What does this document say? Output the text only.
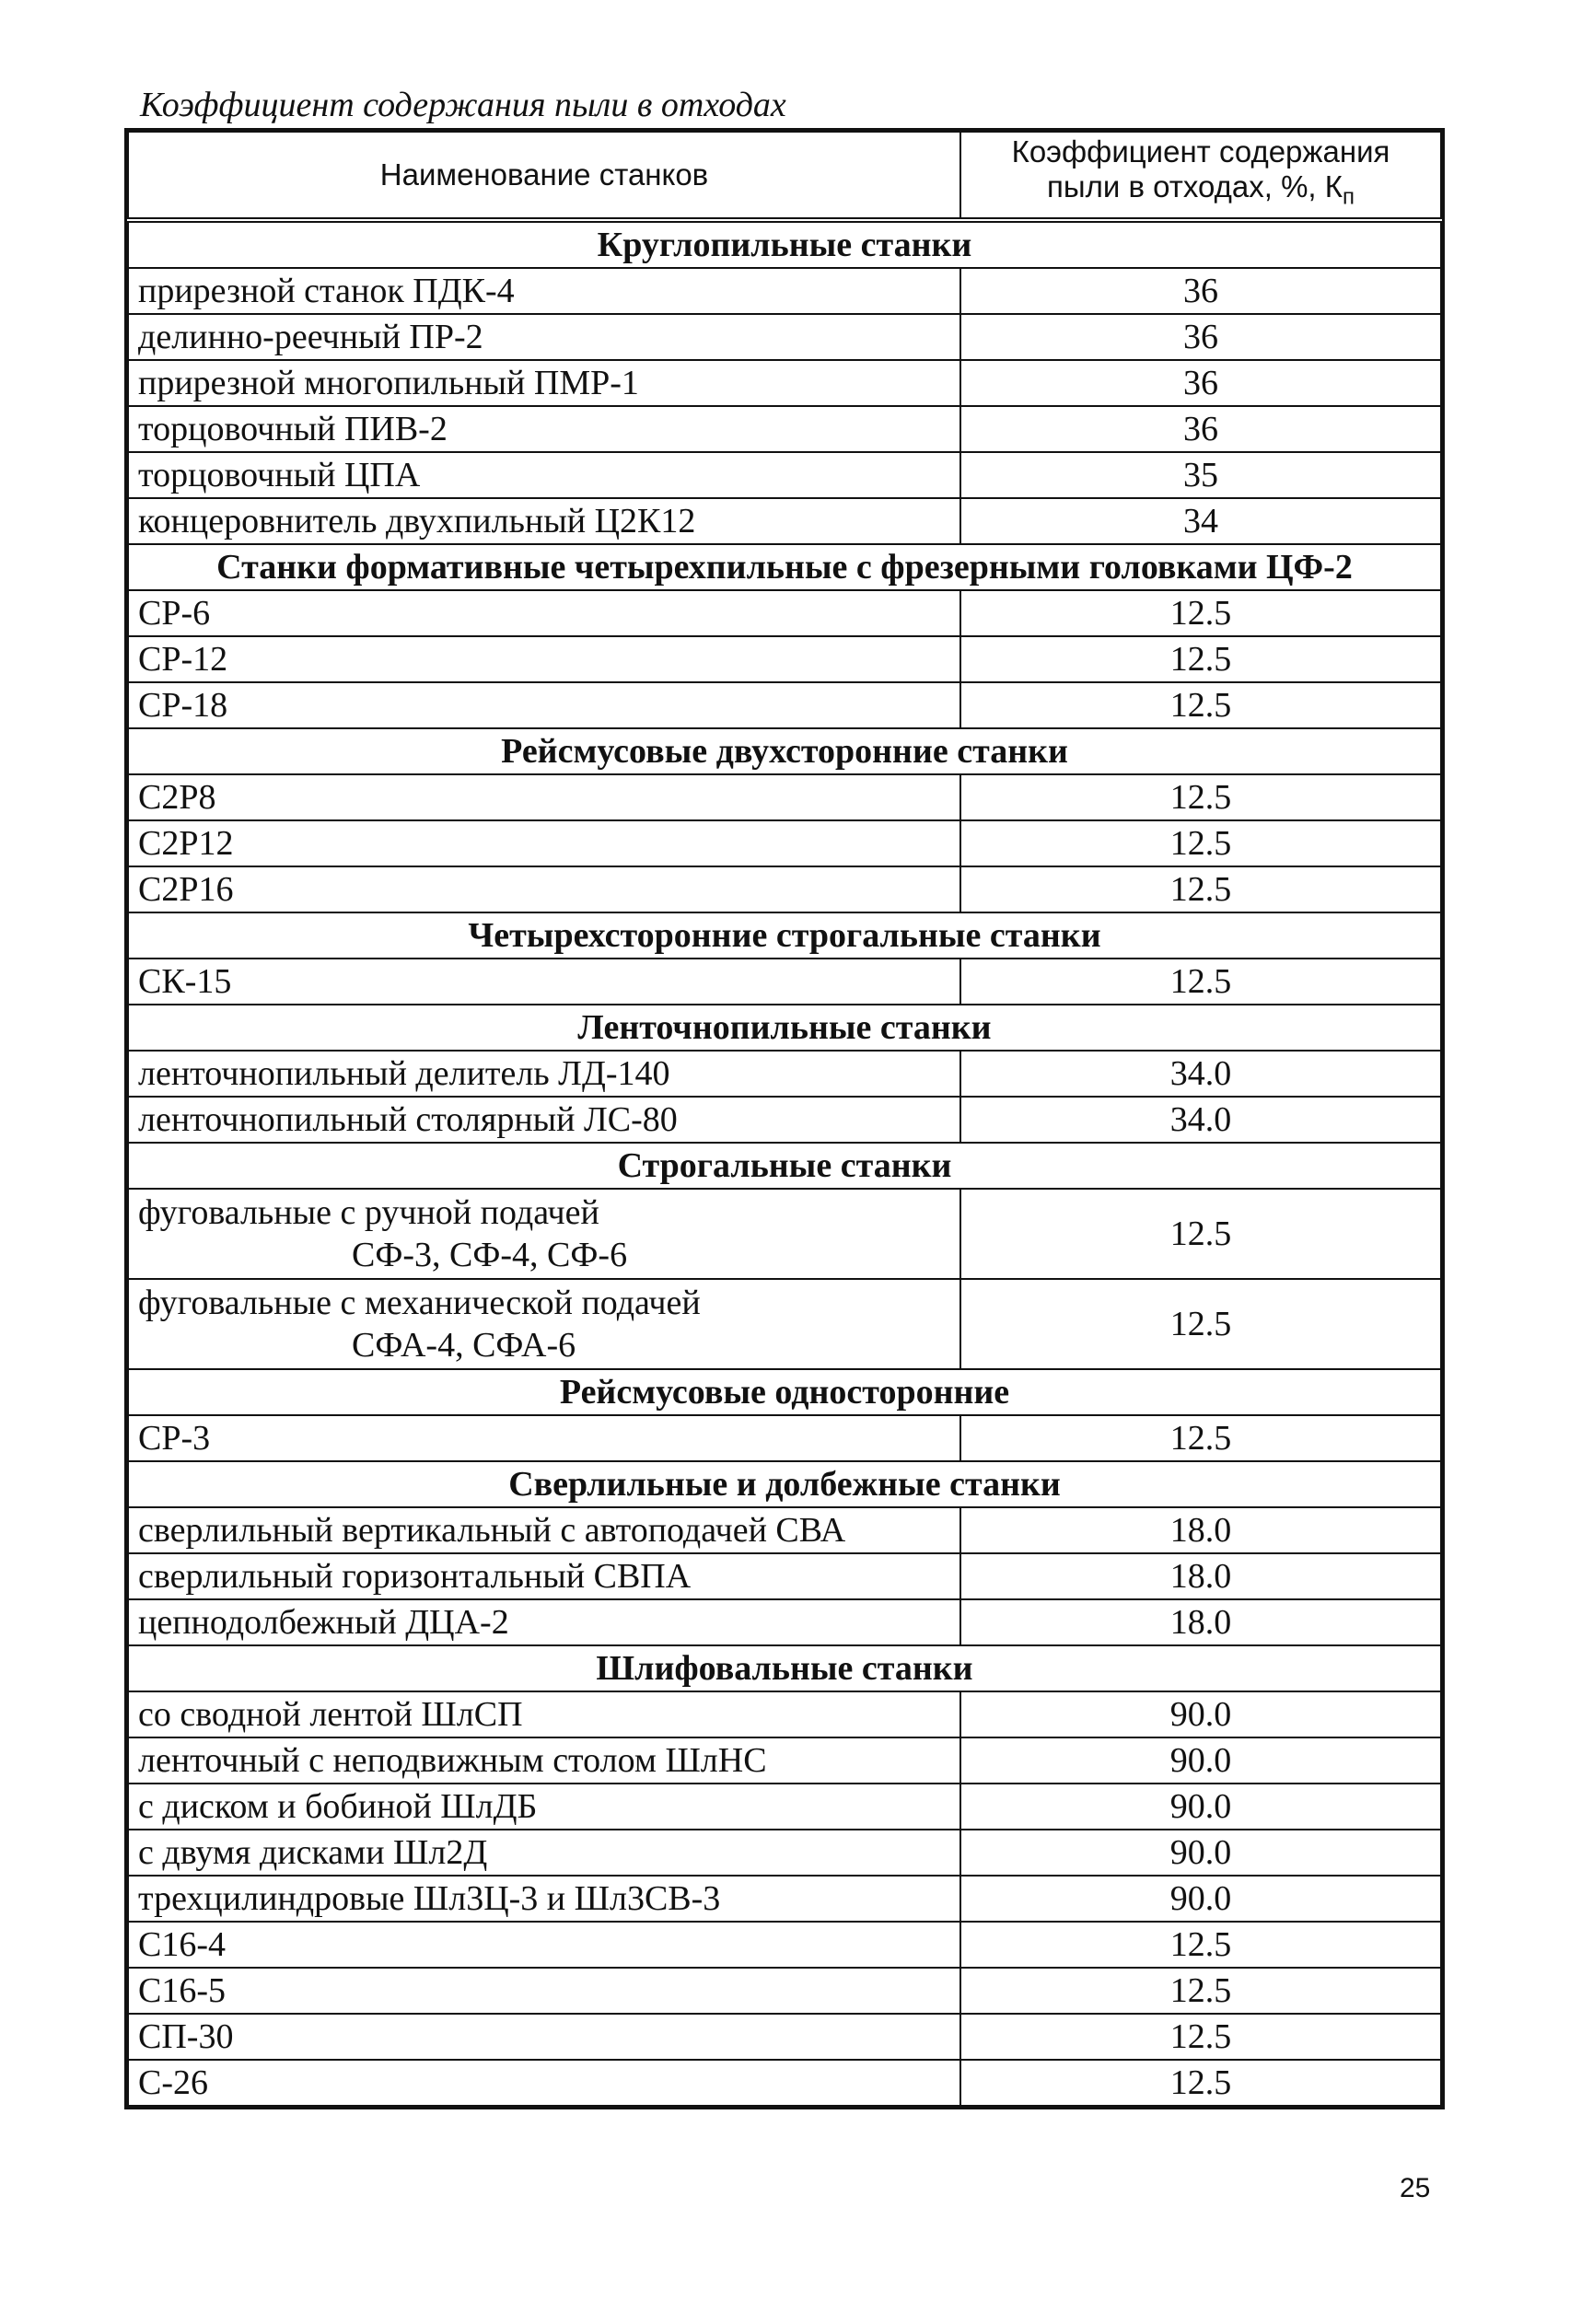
Коэффициент содержания пыли в отходах
Наименование станков	Коэффициент содержания
пыли в отходах, %, $К_п$
Круглопильные станки	
прирезной станок ПДК-4	36
делинно-реечный ПР-2	36
прирезной многопильный ПМР-1	36
торцовочный ПИВ-2	36
торцовочный ЦПА	35
концеровнитель двухпильный Ц2К12	34
Станки формативные четырехпильные с фрезерными головками ЦФ-2	
СР-6	12.5
СР-12	12.5
СР-18	12.5
Рейсмусовые двухсторонние станки	
С2Р8	12.5
С2Р12	12.5
С2Р16	12.5
Четырехсторонние строгальные станки	
СК-15	12.5
Ленточнопильные станки	
ленточнопильный делитель ЛД-140	34.0
ленточнопильный столярный ЛС-80	34.0
Строгальные станки	
фуговальные с ручной подачей
СФ-3, СФ-4, СФ-6	12.5
фуговальные с механической подачей
СФА-4, СФА-6	12.5
Рейсмусовые односторонние	
СР-3	12.5
Сверлильные и долбежные станки	
сверлильный вертикальный с автоподачей СВА	18.0
сверлильный горизонтальный СВПА	18.0
цепнодолбежный ДЦА-2	18.0
Шлифовальные станки	
со сводной лентой ШлСП	90.0
ленточный с неподвижным столом ШлНС	90.0
с диском и бобиной ШлДБ	90.0
с двумя дисками Шл2Д	90.0
трехцилиндровые Шл3Ц-3 и Шл3СВ-3	90.0
С16-4	12.5
С16-5	12.5
СП-30	12.5
С-26	12.5
25
